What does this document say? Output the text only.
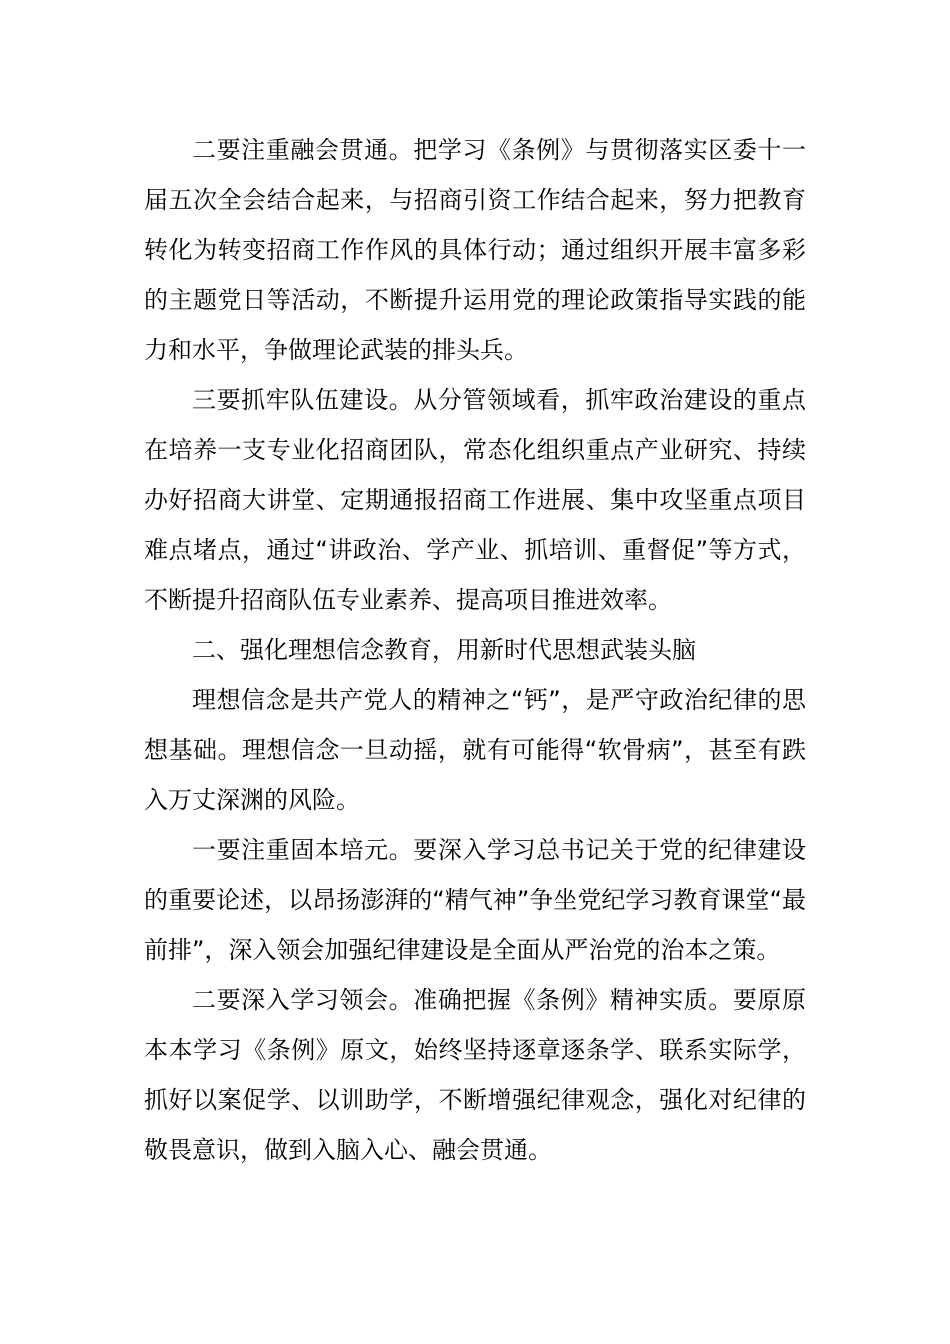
二要注重融会贯通。把学习《条例》与贯彻落实区委十一届五次全会结合起来，与招商引资工作结合起来，努力把教育转化为转变招商工作作风的具体行动；通过组织开展丰富多彩的主题党日等活动，不断提升运用党的理论政策指导实践的能力和水平，争做理论武装的排头兵。

三要抓牢队伍建设。从分管领域看，抓牢政治建设的重点在培养一支专业化招商团队，常态化组织重点产业研究、持续办好招商大讲堂、定期通报招商工作进展、集中攻坚重点项目难点堵点，通过“讲政治、学产业、抓培训、重督促”等方式，不断提升招商队伍专业素养、提高项目推进效率。

二、强化理想信念教育，用新时代思想武装头脑

理想信念是共产党人的精神之“钙”，是严守政治纪律的思想基础。理想信念一旦动摇，就有可能得“软骨病”，甚至有跌入万丈深渊的风险。

一要注重固本培元。要深入学习总书记关于党的纪律建设的重要论述，以昂扬澎湃的“精气神”争坐党纪学习教育课堂“最前排”，深入领会加强纪律建设是全面从严治党的治本之策。

二要深入学习领会。准确把握《条例》精神实质。要原原本本学习《条例》原文，始终坚持逐章逐条学、联系实际学，抓好以案促学、以训助学，不断增强纪律观念，强化对纪律的敬畏意识，做到入脑入心、融会贯通。
